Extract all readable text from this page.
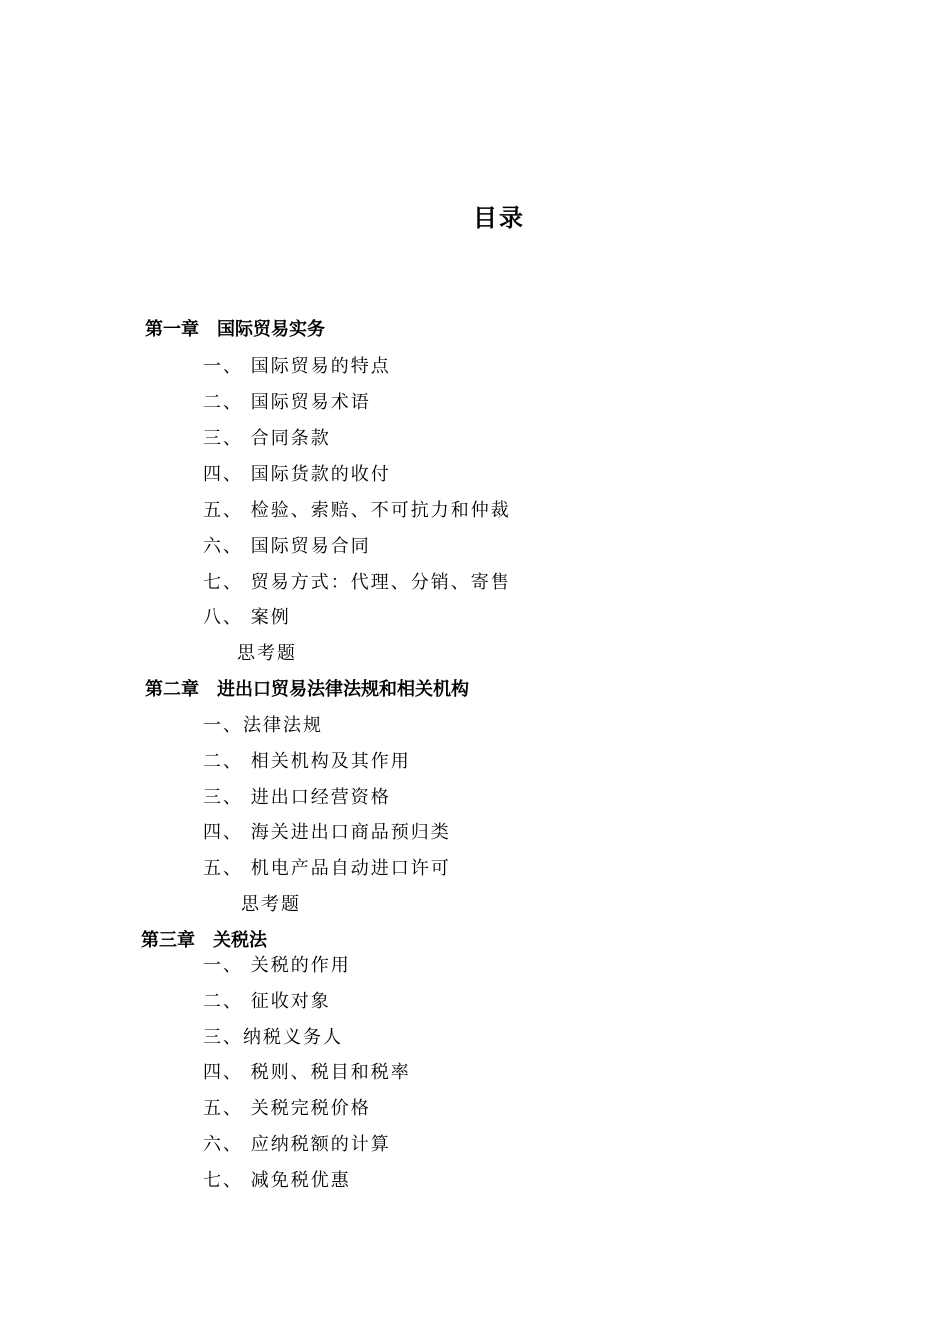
目录
第一章　国际贸易实务
一、 国际贸易的特点
二、 国际贸易术语
三、 合同条款
四、 国际货款的收付
五、 检验、索赔、不可抗力和仲裁
六、 国际贸易合同
七、 贸易方式：代理、分销、寄售
八、 案例
思考题
第二章　进出口贸易法律法规和相关机构
一、法律法规
二、 相关机构及其作用
三、 进出口经营资格
四、 海关进出口商品预归类
五、 机电产品自动进口许可
思考题
第三章　关税法
一、 关税的作用
二、 征收对象
三、纳税义务人
四、 税则、税目和税率
五、 关税完税价格
六、 应纳税额的计算
七、 减免税优惠
